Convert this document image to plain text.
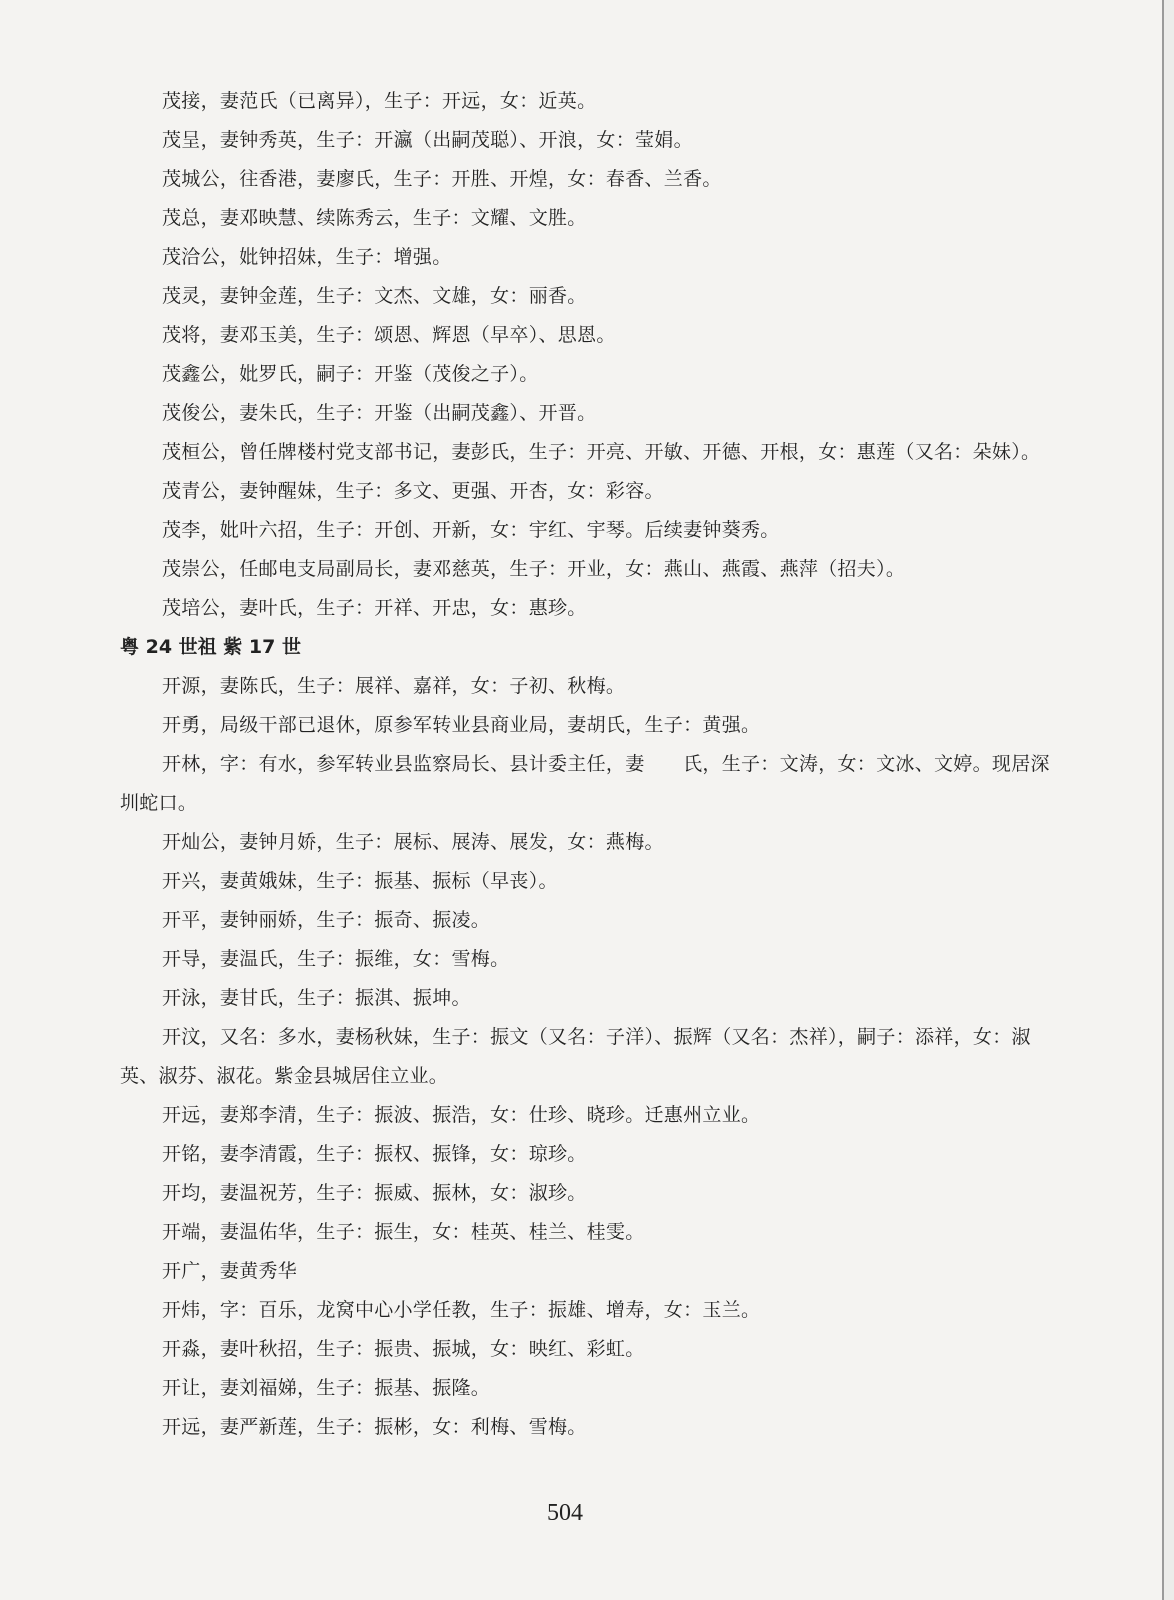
茂接，妻范氏（已离异），生子：开远，女：近英。

茂呈，妻钟秀英，生子：开瀛（出嗣茂聪）、开浪，女：莹娟。

茂城公，往香港，妻廖氏，生子：开胜、开煌，女：春香、兰香。

茂总，妻邓映慧、续陈秀云，生子：文耀、文胜。

茂洽公，妣钟招妹，生子：增强。

茂灵，妻钟金莲，生子：文杰、文雄，女：丽香。

茂将，妻邓玉美，生子：颂恩、辉恩（早卒）、思恩。

茂鑫公，妣罗氏，嗣子：开鉴（茂俊之子）。

茂俊公，妻朱氏，生子：开鉴（出嗣茂鑫）、开晋。

茂桓公，曾任牌楼村党支部书记，妻彭氏，生子：开亮、开敏、开德、开根，女：惠莲（又名：朵妹）。

茂青公，妻钟醒妹，生子：多文、更强、开杏，女：彩容。

茂李，妣叶六招，生子：开创、开新，女：宇红、宇琴。后续妻钟葵秀。

茂崇公，任邮电支局副局长，妻邓慈英，生子：开业，女：燕山、燕霞、燕萍（招夫）。

茂培公，妻叶氏，生子：开祥、开忠，女：惠珍。

粤 24 世祖 紫 17 世

开源，妻陈氏，生子：展祥、嘉祥，女：子初、秋梅。

开勇，局级干部已退休，原参军转业县商业局，妻胡氏，生子：黄强。

开林，字：有水，参军转业县监察局长、县计委主任，妻　　氏，生子：文涛，女：文冰、文婷。现居深圳蛇口。

开灿公，妻钟月娇，生子：展标、展涛、展发，女：燕梅。

开兴，妻黄娥妹，生子：振基、振标（早丧）。

开平，妻钟丽娇，生子：振奇、振凌。

开导，妻温氏，生子：振维，女：雪梅。

开泳，妻甘氏，生子：振淇、振坤。

开汶，又名：多水，妻杨秋妹，生子：振文（又名：子洋）、振辉（又名：杰祥），嗣子：添祥，女：淑英、淑芬、淑花。紫金县城居住立业。

开远，妻郑李清，生子：振波、振浩，女：仕珍、晓珍。迁惠州立业。

开铭，妻李清霞，生子：振权、振锋，女：琼珍。

开均，妻温祝芳，生子：振威、振林，女：淑珍。

开端，妻温佑华，生子：振生，女：桂英、桂兰、桂雯。

开广，妻黄秀华

开炜，字：百乐，龙窝中心小学任教，生子：振雄、增寿，女：玉兰。

开淼，妻叶秋招，生子：振贵、振城，女：映红、彩虹。

开让，妻刘福娣，生子：振基、振隆。

开远，妻严新莲，生子：振彬，女：利梅、雪梅。

504
